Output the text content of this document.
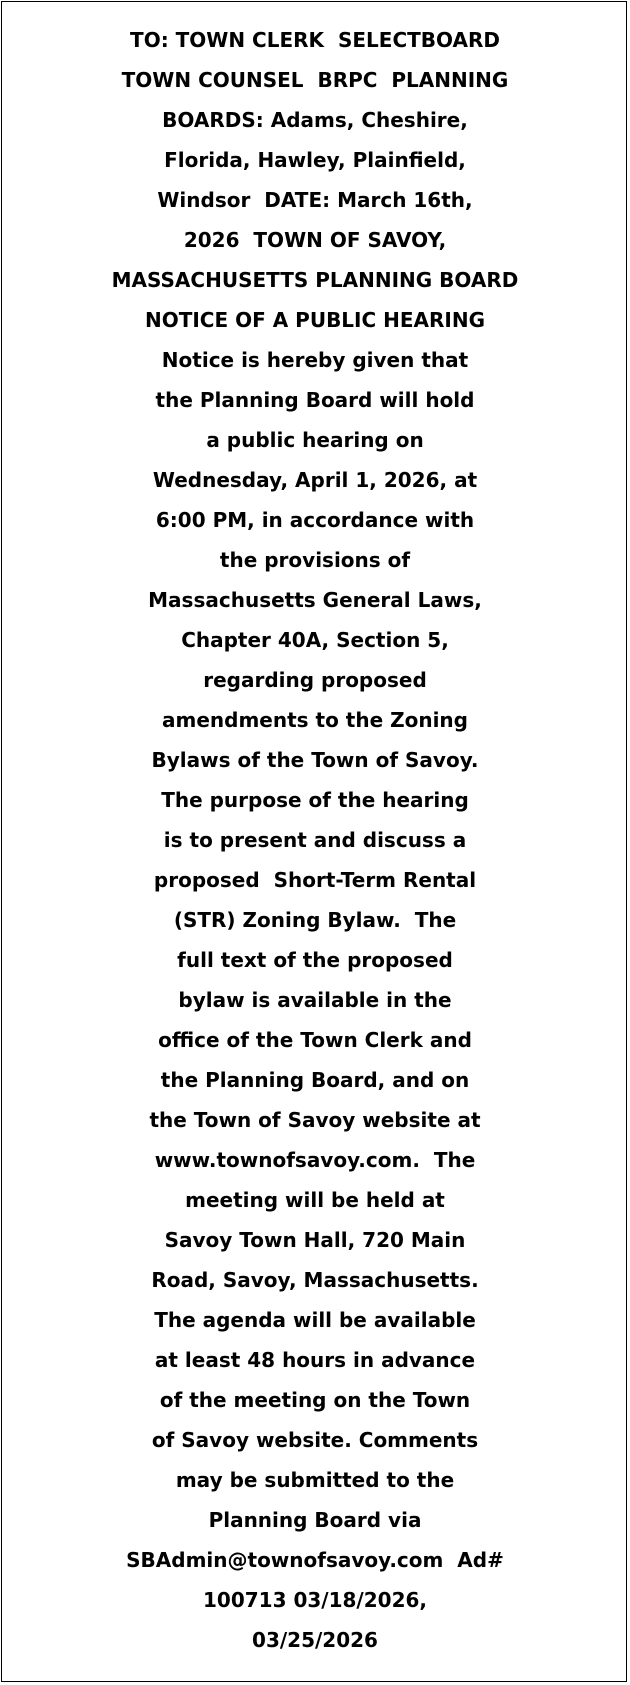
TO: TOWN CLERK  SELECTBOARD
TOWN COUNSEL  BRPC  PLANNING
BOARDS: Adams, Cheshire,
Florida, Hawley, Plainfield,
Windsor  DATE: March 16th,
2026  TOWN OF SAVOY,
MASSACHUSETTS PLANNING BOARD
NOTICE OF A PUBLIC HEARING
Notice is hereby given that
the Planning Board will hold
a public hearing on
Wednesday, April 1, 2026, at
6:00 PM, in accordance with
the provisions of
Massachusetts General Laws,
Chapter 40A, Section 5,
regarding proposed
amendments to the Zoning
Bylaws of the Town of Savoy.
The purpose of the hearing
is to present and discuss a
proposed  Short-Term Rental
(STR) Zoning Bylaw.  The
full text of the proposed
bylaw is available in the
office of the Town Clerk and
the Planning Board, and on
the Town of Savoy website at
www.townofsavoy.com.  The
meeting will be held at
Savoy Town Hall, 720 Main
Road, Savoy, Massachusetts.
The agenda will be available
at least 48 hours in advance
of the meeting on the Town
of Savoy website. Comments
may be submitted to the
Planning Board via
SBAdmin@townofsavoy.com  Ad#
100713 03/18/2026,
03/25/2026
